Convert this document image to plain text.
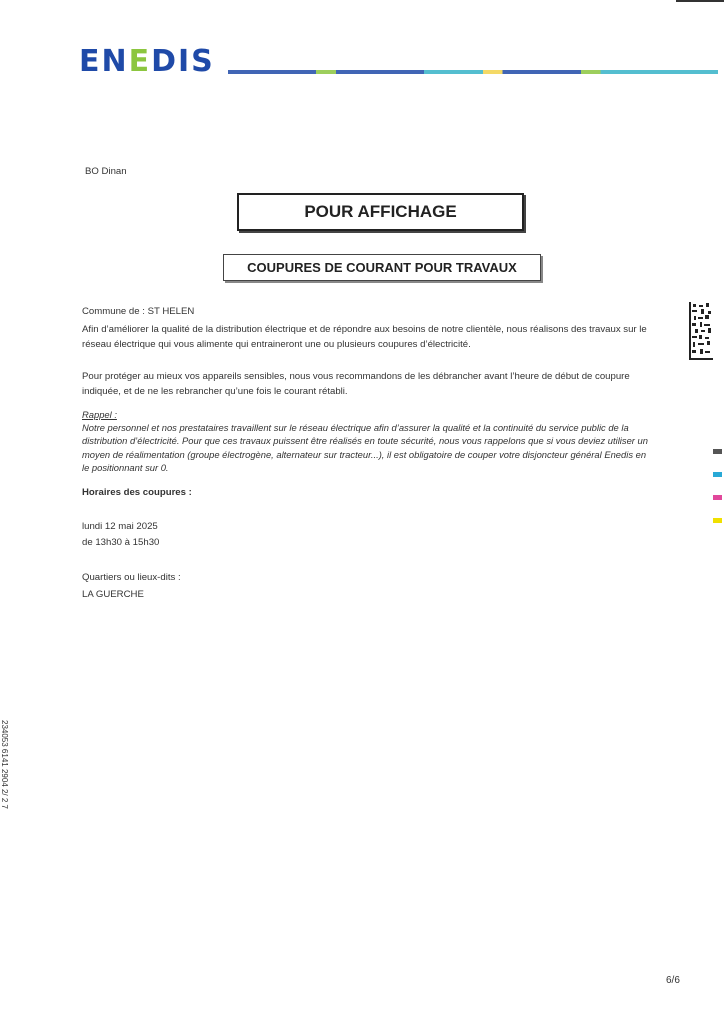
ENEDIS
BO Dinan
POUR AFFICHAGE
COUPURES DE COURANT POUR TRAVAUX
Commune de : ST HELEN
Afin d’améliorer la qualité de la distribution électrique et de répondre aux besoins de notre clientèle, nous réalisons des travaux sur le réseau électrique qui vous alimente qui entraineront une ou plusieurs coupures d’électricité.
Pour protéger au mieux vos appareils sensibles, nous vous recommandons de les débrancher avant l’heure de début de coupure indiquée, et de ne les rebrancher qu’une fois le courant rétabli.
Rappel :
Notre personnel et nos prestataires travaillent sur le réseau électrique afin d’assurer la qualité et la continuité du service public de la distribution d’électricité. Pour que ces travaux puissent être réalisés en toute sécurité, nous vous rappelons que si vous deviez utiliser un moyen de réalimentation (groupe électrogène, alternateur sur tracteur...), il est obligatoire de couper votre disjoncteur général Enedis en le positionnant sur 0.
Horaires des coupures :
lundi 12 mai 2025
de 13h30 à 15h30
Quartiers ou lieux-dits :
LA GUERCHE
6/6
234053 6141 2904 2/ 2 7
